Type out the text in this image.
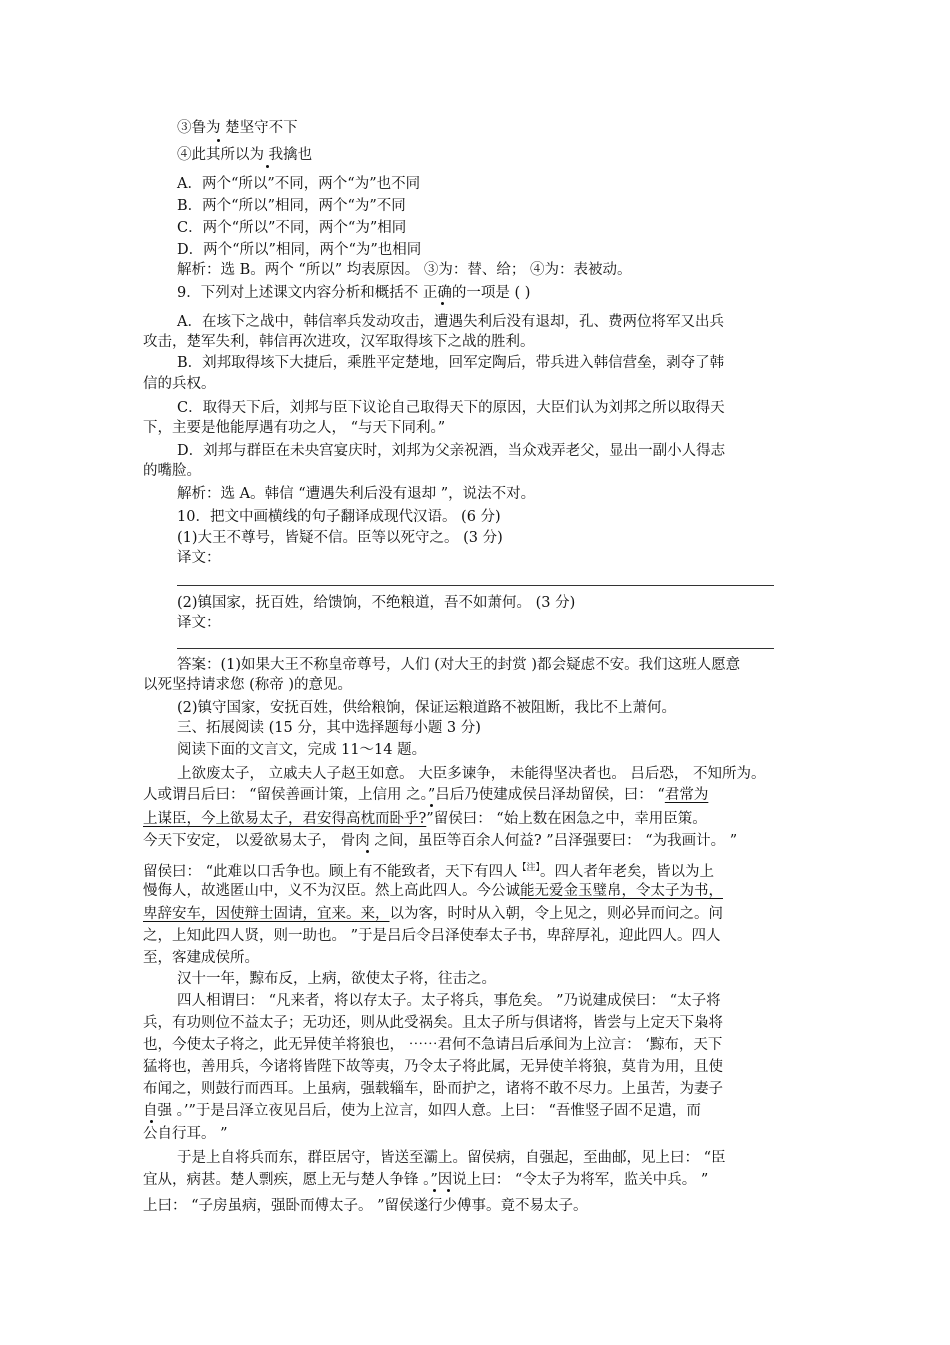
③鲁为 楚坚守不下
④此其所以为 我擒也
A．两个“所以”不同，两个“为”也不同
B．两个“所以”相同，两个“为”不同
C．两个“所以”不同，两个“为”相同
D．两个“所以”相同，两个“为”也相同
解析：选 B。两个 “所以” 均表原因。 ③为：替、给； ④为：表被动。
9．下列对上述课文内容分析和概括不 正确的一项是 ( )
A．在垓下之战中，韩信率兵发动攻击，遭遇失利后没有退却，孔、费两位将军又出兵
攻击，楚军失利，韩信再次进攻，汉军取得垓下之战的胜利。
B．刘邦取得垓下大捷后，乘胜平定楚地，回军定陶后，带兵进入韩信营垒，剥夺了韩
信的兵权。
C．取得天下后，刘邦与臣下议论自己取得天下的原因，大臣们认为刘邦之所以取得天
下，主要是他能厚遇有功之人， “与天下同利。”
D．刘邦与群臣在未央宫宴庆时，刘邦为父亲祝酒，当众戏弄老父，显出一副小人得志
的嘴脸。
解析：选 A。韩信 “遭遇失利后没有退却 ”，说法不对。
10．把文中画横线的句子翻译成现代汉语。 (6 分)
(1)大王不尊号，皆疑不信。臣等以死守之。 (3 分)
译文：
(2)镇国家，抚百姓，给馈饷，不绝粮道，吾不如萧何。 (3 分)
译文：
答案：(1)如果大王不称皇帝尊号，人们 (对大王的封赏 )都会疑虑不安。我们这班人愿意
以死坚持请求您 (称帝 )的意见。
(2)镇守国家，安抚百姓，供给粮饷，保证运粮道路不被阻断，我比不上萧何。
三、拓展阅读 (15 分，其中选择题每小题 3 分)
阅读下面的文言文，完成 11～14 题。
上欲废太子， 立戚夫人子赵王如意。 大臣多谏争， 未能得坚决者也。 吕后恐， 不知所为。
人或谓吕后曰： “留侯善画计策，上信用 之。”吕后乃使建成侯吕泽劫留侯，曰： “君常为
上谋臣，今上欲易太子，君安得高枕而卧乎?”留侯曰： “始上数在困急之中，幸用臣策。
今天下安定， 以爱欲易太子， 骨肉 之间，虽臣等百余人何益? ”吕泽强要曰： “为我画计。 ”
留侯曰： “此难以口舌争也。顾上有不能致者，天下有四人$^{【注】}$。四人者年老矣，皆以为上
慢侮人，故逃匿山中，义不为汉臣。然上高此四人。今公诚能无爱金玉璧帛，令太子为书，
卑辞安车，因使辩士固请，宜来。来，以为客，时时从入朝，令上见之，则必异而问之。问
之，上知此四人贤，则一助也。 ”于是吕后令吕泽使奉太子书，卑辞厚礼，迎此四人。四人
至，客建成侯所。
汉十一年，黥布反，上病，欲使太子将，往击之。
四人相谓曰： “凡来者，将以存太子。太子将兵，事危矣。 ”乃说建成侯曰： “太子将
兵，有功则位不益太子；无功还，则从此受祸矣。且太子所与俱诸将，皆尝与上定天下枭将
也，今使太子将之，此无异使羊将狼也， ⋯⋯君何不急请吕后承间为上泣言： ‘黥布，天下
猛将也，善用兵，今诸将皆陛下故等夷，乃令太子将此属，无异使羊将狼，莫肯为用，且使
布闻之，则鼓行而西耳。上虽病，强载辎车，卧而护之，诸将不敢不尽力。上虽苦，为妻子
自强 。’”于是吕泽立夜见吕后，使为上泣言，如四人意。上曰： “吾惟竖子固不足遣，而
公自行耳。 ”
于是上自将兵而东，群臣居守，皆送至灞上。留侯病，自强起，至曲邮，见上曰： “臣
宜从，病甚。楚人剽疾，愿上无与楚人争锋 。”因说上曰： “令太子为将军，监关中兵。 ”
上曰： “子房虽病，强卧而傅太子。 ”留侯遂行少傅事。竟不易太子。
